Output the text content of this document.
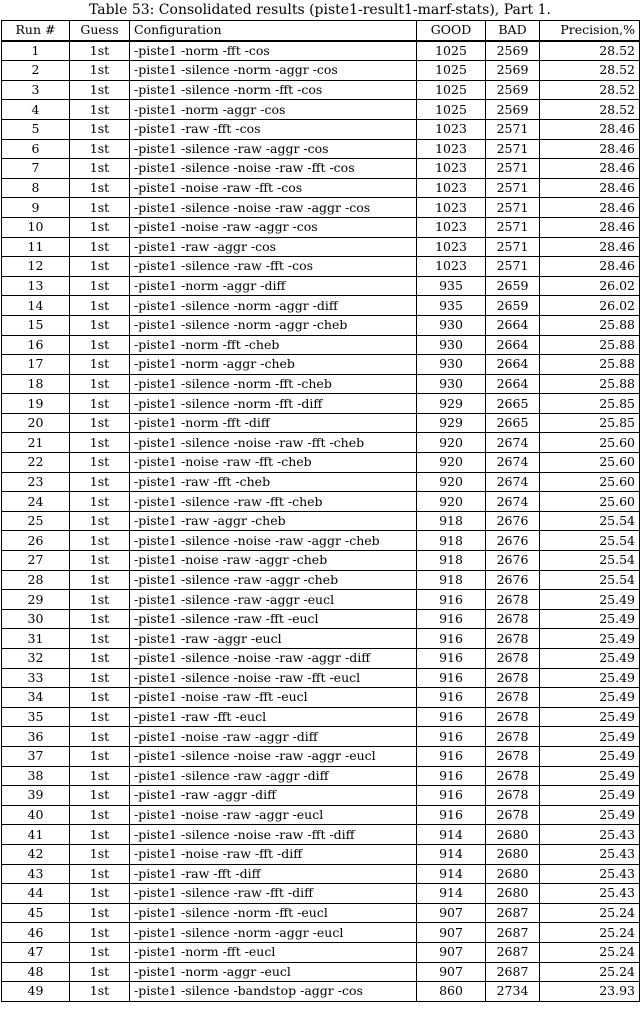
Table 53: Consolidated results (piste1-result1-marf-stats), Part 1.
Run #	Guess	Configuration	GOOD	BAD	Precision,%
1	1st	-piste1 -norm -fft -cos	1025	2569	28.52
2	1st	-piste1 -silence -norm -aggr -cos	1025	2569	28.52
3	1st	-piste1 -silence -norm -fft -cos	1025	2569	28.52
4	1st	-piste1 -norm -aggr -cos	1025	2569	28.52
5	1st	-piste1 -raw -fft -cos	1023	2571	28.46
6	1st	-piste1 -silence -raw -aggr -cos	1023	2571	28.46
7	1st	-piste1 -silence -noise -raw -fft -cos	1023	2571	28.46
8	1st	-piste1 -noise -raw -fft -cos	1023	2571	28.46
9	1st	-piste1 -silence -noise -raw -aggr -cos	1023	2571	28.46
10	1st	-piste1 -noise -raw -aggr -cos	1023	2571	28.46
11	1st	-piste1 -raw -aggr -cos	1023	2571	28.46
12	1st	-piste1 -silence -raw -fft -cos	1023	2571	28.46
13	1st	-piste1 -norm -aggr -diff	935	2659	26.02
14	1st	-piste1 -silence -norm -aggr -diff	935	2659	26.02
15	1st	-piste1 -silence -norm -aggr -cheb	930	2664	25.88
16	1st	-piste1 -norm -fft -cheb	930	2664	25.88
17	1st	-piste1 -norm -aggr -cheb	930	2664	25.88
18	1st	-piste1 -silence -norm -fft -cheb	930	2664	25.88
19	1st	-piste1 -silence -norm -fft -diff	929	2665	25.85
20	1st	-piste1 -norm -fft -diff	929	2665	25.85
21	1st	-piste1 -silence -noise -raw -fft -cheb	920	2674	25.60
22	1st	-piste1 -noise -raw -fft -cheb	920	2674	25.60
23	1st	-piste1 -raw -fft -cheb	920	2674	25.60
24	1st	-piste1 -silence -raw -fft -cheb	920	2674	25.60
25	1st	-piste1 -raw -aggr -cheb	918	2676	25.54
26	1st	-piste1 -silence -noise -raw -aggr -cheb	918	2676	25.54
27	1st	-piste1 -noise -raw -aggr -cheb	918	2676	25.54
28	1st	-piste1 -silence -raw -aggr -cheb	918	2676	25.54
29	1st	-piste1 -silence -raw -aggr -eucl	916	2678	25.49
30	1st	-piste1 -silence -raw -fft -eucl	916	2678	25.49
31	1st	-piste1 -raw -aggr -eucl	916	2678	25.49
32	1st	-piste1 -silence -noise -raw -aggr -diff	916	2678	25.49
33	1st	-piste1 -silence -noise -raw -fft -eucl	916	2678	25.49
34	1st	-piste1 -noise -raw -fft -eucl	916	2678	25.49
35	1st	-piste1 -raw -fft -eucl	916	2678	25.49
36	1st	-piste1 -noise -raw -aggr -diff	916	2678	25.49
37	1st	-piste1 -silence -noise -raw -aggr -eucl	916	2678	25.49
38	1st	-piste1 -silence -raw -aggr -diff	916	2678	25.49
39	1st	-piste1 -raw -aggr -diff	916	2678	25.49
40	1st	-piste1 -noise -raw -aggr -eucl	916	2678	25.49
41	1st	-piste1 -silence -noise -raw -fft -diff	914	2680	25.43
42	1st	-piste1 -noise -raw -fft -diff	914	2680	25.43
43	1st	-piste1 -raw -fft -diff	914	2680	25.43
44	1st	-piste1 -silence -raw -fft -diff	914	2680	25.43
45	1st	-piste1 -silence -norm -fft -eucl	907	2687	25.24
46	1st	-piste1 -silence -norm -aggr -eucl	907	2687	25.24
47	1st	-piste1 -norm -fft -eucl	907	2687	25.24
48	1st	-piste1 -norm -aggr -eucl	907	2687	25.24
49	1st	-piste1 -silence -bandstop -aggr -cos	860	2734	23.93
